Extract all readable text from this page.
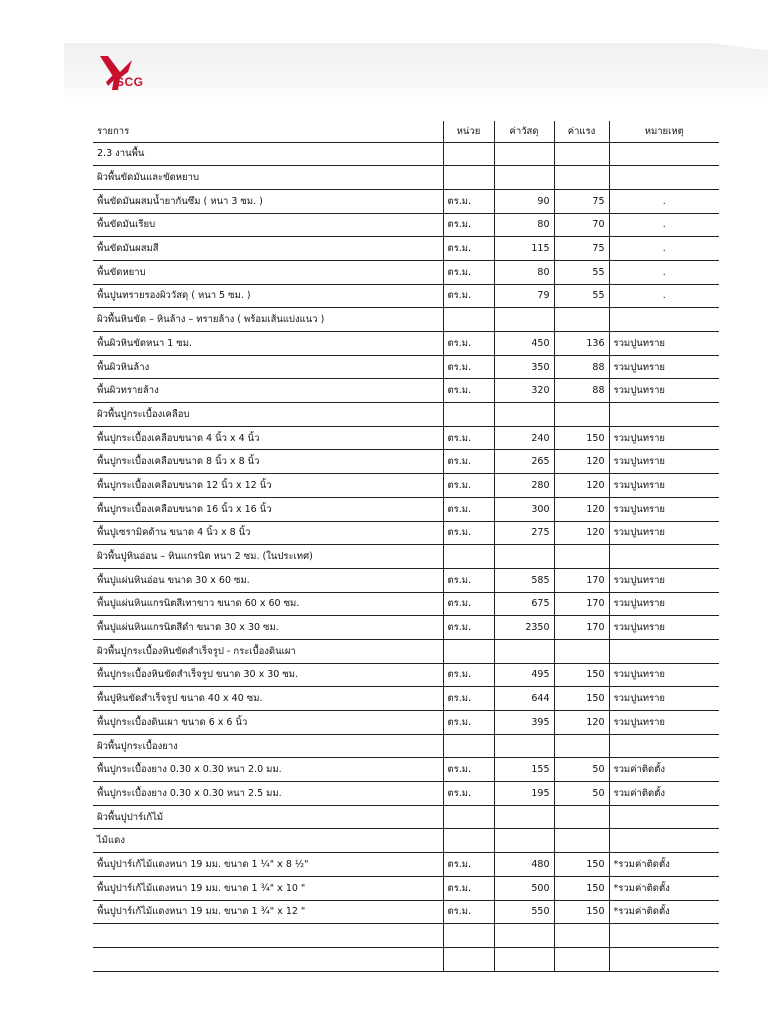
SCG
รายการ	หน่วย	ค่าวัสดุ	ค่าแรง	หมายเหตุ
2.3 งานพื้น				
ผิวพื้นขัดมันและขัดหยาบ				
พื้นขัดมันผสมน้ำยากันซึม ( หนา 3 ซม. )	ตร.ม.	90	75	.
พื้นขัดมันเรียบ	ตร.ม.	80	70	.
พื้นขัดมันผสมสี	ตร.ม.	115	75	.
พื้นขัดหยาบ	ตร.ม.	80	55	.
พื้นปูนทรายรองผิววัสดุ ( หนา 5 ซม. )	ตร.ม.	79	55	.
ผิวพื้นหินขัด – หินล้าง – ทรายล้าง ( พร้อมเส้นแบ่งแนว )				
พื้นผิวหินขัดหนา 1 ซม.	ตร.ม.	450	136	รวมปูนทราย
พื้นผิวหินล้าง	ตร.ม.	350	88	รวมปูนทราย
พื้นผิวทรายล้าง	ตร.ม.	320	88	รวมปูนทราย
ผิวพื้นปูกระเบื้องเคลือบ				
พื้นปูกระเบื้องเคลือบขนาด 4 นิ้ว x 4 นิ้ว	ตร.ม.	240	150	รวมปูนทราย
พื้นปูกระเบื้องเคลือบขนาด 8 นิ้ว x 8 นิ้ว	ตร.ม.	265	120	รวมปูนทราย
พื้นปูกระเบื้องเคลือบขนาด 12 นิ้ว x 12 นิ้ว	ตร.ม.	280	120	รวมปูนทราย
พื้นปูกระเบื้องเคลือบขนาด 16 นิ้ว x 16 นิ้ว	ตร.ม.	300	120	รวมปูนทราย
พื้นปูเซรามิคด้าน ขนาด 4 นิ้ว x 8 นิ้ว	ตร.ม.	275	120	รวมปูนทราย
ผิวพื้นปูหินอ่อน – หินแกรนิต หนา 2 ซม. (ในประเทศ)				
พื้นปูแผ่นหินอ่อน ขนาด 30 x 60 ซม.	ตร.ม.	585	170	รวมปูนทราย
พื้นปูแผ่นหินแกรนิตสีเทาขาว ขนาด 60 x 60 ซม.	ตร.ม.	675	170	รวมปูนทราย
พื้นปูแผ่นหินแกรนิตสีดำ ขนาด 30 x 30 ซม.	ตร.ม.	2350	170	รวมปูนทราย
ผิวพื้นปูกระเบื้องหินขัดสำเร็จรูป - กระเบื้องดินเผา				
พื้นปูกระเบื้องหินขัดสำเร็จรูป ขนาด 30 x 30 ซม.	ตร.ม.	495	150	รวมปูนทราย
พื้นปูหินขัดสำเร็จรูป ขนาด 40 x 40 ซม.	ตร.ม.	644	150	รวมปูนทราย
พื้นปูกระเบื้องดินเผา ขนาด 6 x 6 นิ้ว	ตร.ม.	395	120	รวมปูนทราย
ผิวพื้นปูกระเบื้องยาง				
พื้นปูกระเบื้องยาง 0.30 x 0.30 หนา 2.0 มม.	ตร.ม.	155	50	รวมค่าติดตั้ง
พื้นปูกระเบื้องยาง 0.30 x 0.30 หนา 2.5 มม.	ตร.ม.	195	50	รวมค่าติดตั้ง
ผิวพื้นปูปาร์เก้ไม้				
ไม้แดง				
พื้นปูปาร์เก้ไม้แดงหนา 19 มม. ขนาด 1 ¼" x 8 ½"	ตร.ม.	480	150	*รวมค่าติดตั้ง
พื้นปูปาร์เก้ไม้แดงหนา 19 มม. ขนาด 1 ¾" x 10 "	ตร.ม.	500	150	*รวมค่าติดตั้ง
พื้นปูปาร์เก้ไม้แดงหนา 19 มม. ขนาด 1 ¾" x 12 "	ตร.ม.	550	150	*รวมค่าติดตั้ง
